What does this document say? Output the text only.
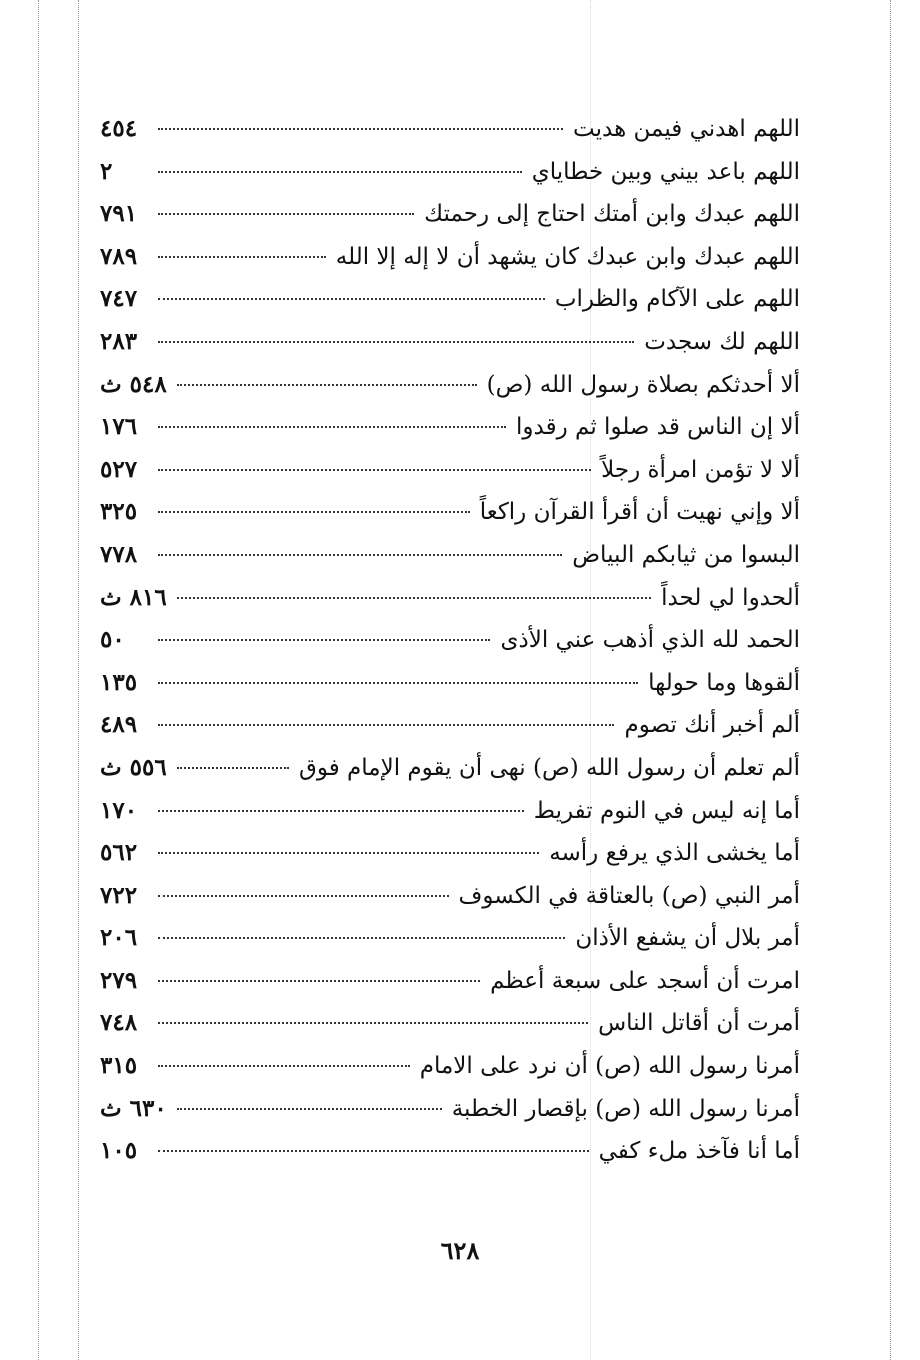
اللهم اهدني فيمن هديت
٤٥٤
اللهم باعد بيني وبين خطاياي
٢
اللهم عبدك وابن أمتك احتاج إلى رحمتك
٧٩١
اللهم عبدك وابن عبدك كان يشهد أن لا إله إلا الله
٧٨٩
اللهم على الآكام والظراب
٧٤٧
اللهم لك سجدت
٢٨٣
ألا أحدثكم بصلاة رسول الله (ص)
٥٤٨ ث
ألا إن الناس قد صلوا ثم رقدوا
١٧٦
ألا لا تؤمن امرأة رجلاً
٥٢٧
ألا وإني نهيت أن أقرأ القرآن راكعاً
٣٢٥
البسوا من ثيابكم البياض
٧٧٨
ألحدوا لي لحداً
٨١٦ ث
الحمد لله الذي أذهب عني الأذى
٥٠
ألقوها وما حولها
١٣٥
ألم أخبر أنك تصوم
٤٨٩
ألم تعلم أن رسول الله (ص) نهى أن يقوم الإمام فوق
٥٥٦ ث
أما إنه ليس في النوم تفريط
١٧٠
أما يخشى الذي يرفع رأسه
٥٦٢
أمر النبي (ص) بالعتاقة في الكسوف
٧٢٢
أمر بلال أن يشفع الأذان
٢٠٦
امرت أن أسجد على سبعة أعظم
٢٧٩
أمرت أن أقاتل الناس
٧٤٨
أمرنا رسول الله (ص) أن نرد على الامام
٣١٥
أمرنا رسول الله (ص) بإقصار الخطبة
٦٣٠ ث
أما أنا فآخذ ملء كفي
١٠٥
٦٢٨
